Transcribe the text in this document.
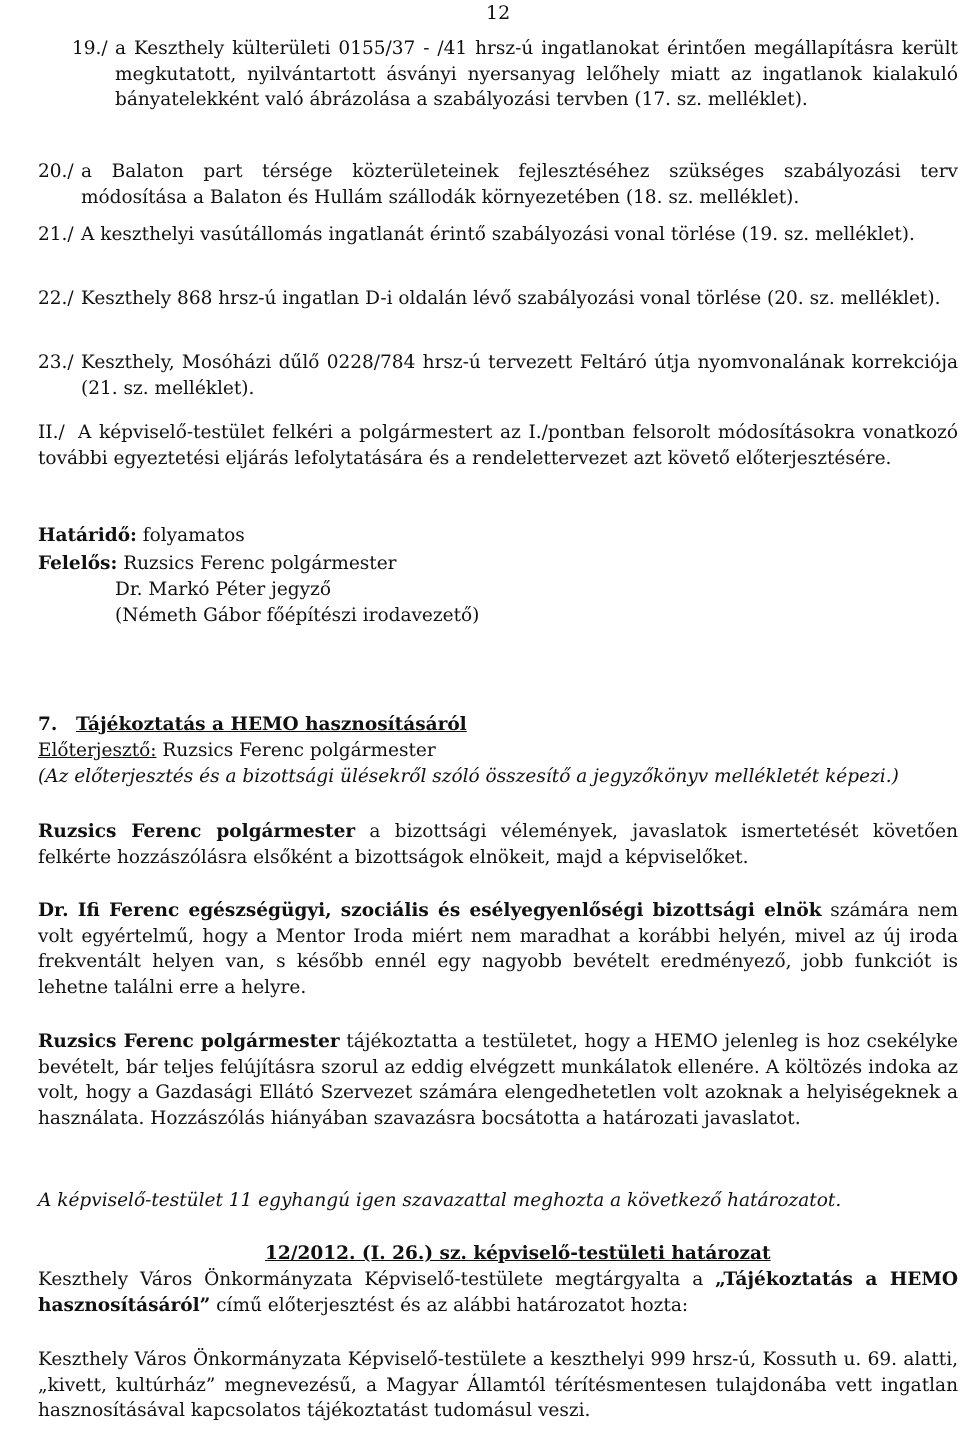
12
19./ a Keszthely külterületi 0155/37 - /41 hrsz-ú ingatlanokat érintően megállapításra került megkutatott, nyilvántartott ásványi nyersanyag lelőhely miatt az ingatlanok kialakuló bányatelekként való ábrázolása a szabályozási tervben (17. sz. melléklet).
20./ a Balaton part térsége közterületeinek fejlesztéséhez szükséges szabályozási terv módosítása a Balaton és Hullám szállodák környezetében (18. sz. melléklet).
21./ A keszthelyi vasútállomás ingatlanát érintő szabályozási vonal törlése (19. sz. melléklet).
22./ Keszthely 868 hrsz-ú ingatlan D-i oldalán lévő szabályozási vonal törlése (20. sz. melléklet).
23./ Keszthely, Mosóházi dűlő 0228/784 hrsz-ú tervezett Feltáró útja nyomvonalának korrekciója (21. sz. melléklet).
II./ A képviselő-testület felkéri a polgármestert az I./pontban felsorolt módosításokra vonatkozó további egyeztetési eljárás lefolytatására és a rendelettervezet azt követő előterjesztésére.
Határidő: folyamatos
Felelős: Ruzsics Ferenc polgármester
Dr. Markó Péter jegyző
(Németh Gábor főépítészi irodavezető)
7. Tájékoztatás a HEMO hasznosításáról
Előterjesztő: Ruzsics Ferenc polgármester
(Az előterjesztés és a bizottsági ülésekről szóló összesítő a jegyzőkönyv mellékletét képezi.)
Ruzsics Ferenc polgármester a bizottsági vélemények, javaslatok ismertetését követően felkérte hozzászólásra elsőként a bizottságok elnökeit, majd a képviselőket.
Dr. Ifi Ferenc egészségügyi, szociális és esélyegyenlőségi bizottsági elnök számára nem volt egyértelmű, hogy a Mentor Iroda miért nem maradhat a korábbi helyén, mivel az új iroda frekventált helyen van, s később ennél egy nagyobb bevételt eredményező, jobb funkciót is lehetne találni erre a helyre.
Ruzsics Ferenc polgármester tájékoztatta a testületet, hogy a HEMO jelenleg is hoz csekélyke bevételt, bár teljes felújításra szorul az eddig elvégzett munkálatok ellenére. A költözés indoka az volt, hogy a Gazdasági Ellátó Szervezet számára elengedhetetlen volt azoknak a helyiségeknek a használata. Hozzászólás hiányában szavazásra bocsátotta a határozati javaslatot.
A képviselő-testület 11 egyhangú igen szavazattal meghozta a következő határozatot.
12/2012. (I. 26.) sz. képviselő-testületi határozat
Keszthely Város Önkormányzata Képviselő-testülete megtárgyalta a „Tájékoztatás a HEMO hasznosításáról” című előterjesztést és az alábbi határozatot hozta:
Keszthely Város Önkormányzata Képviselő-testülete a keszthelyi 999 hrsz-ú, Kossuth u. 69. alatti, „kivett, kultúrház” megnevezésű, a Magyar Államtól térítésmentesen tulajdonába vett ingatlan hasznosításával kapcsolatos tájékoztatást tudomásul veszi.
